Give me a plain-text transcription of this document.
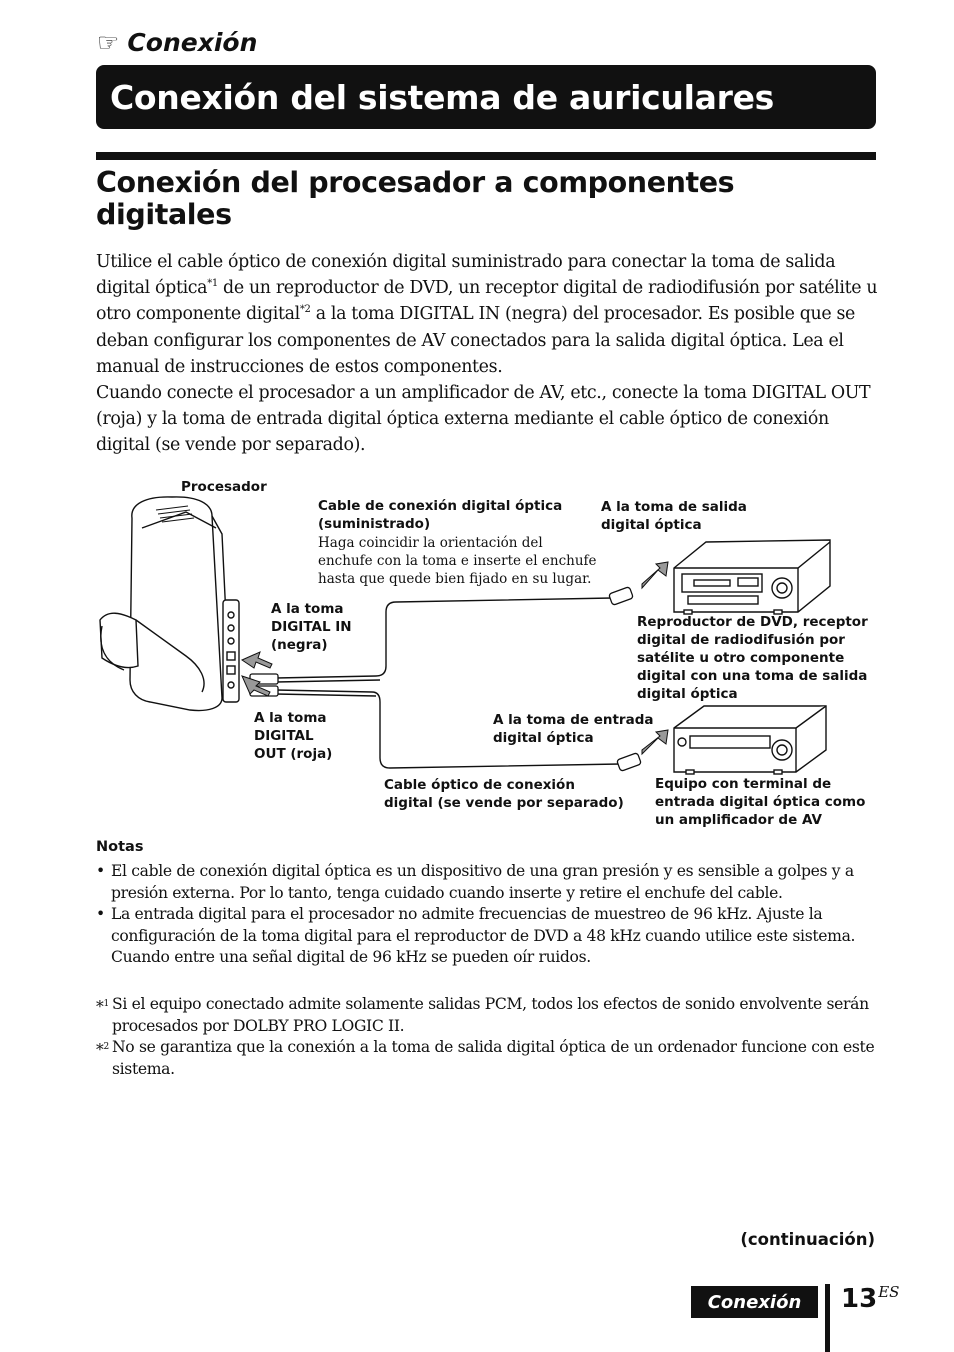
☞ Conexión
Conexión del sistema de auriculares
Conexión del procesador a componentes digitales

Utilice el cable óptico de conexión digital suministrado para conectar la toma de salida digital óptica$^{*1}$ de un reproductor de DVD, un receptor digital de radiodifusión por satélite u otro componente digital$^{*2}$ a la toma DIGITAL IN (negra) del procesador. Es posible que se deban configurar los componentes de AV conectados para la salida digital óptica. Lea el manual de instrucciones de estos componentes.

Cuando conecte el procesador a un amplificador de AV, etc., conecte la toma DIGITAL OUT (roja) y la toma de entrada digital óptica externa mediante el cable óptico de conexión digital (se vende por separado).

Procesador
Cable de conexión digital óptica
(suministrado)
Haga coincidir la orientación del
enchufe con la toma e inserte el enchufe
hasta que quede bien fijado en su lugar.
A la toma de salida
digital óptica
A la toma
DIGITAL IN
(negra)
Reproductor de DVD, receptor
digital de radiodifusión por
satélite u otro componente
digital con una toma de salida
digital óptica
A la toma
DIGITAL
OUT (roja)
A la toma de entrada
digital óptica
Cable óptico de conexión
digital (se vende por separado)
Equipo con terminal de
entrada digital óptica como
un amplificador de AV
Notas
• El cable de conexión digital óptica es un dispositivo de una gran presión y es sensible a golpes y a presión externa. Por lo tanto, tenga cuidado cuando inserte y retire el enchufe del cable.
• La entrada digital para el procesador no admite frecuencias de muestreo de 96 kHz. Ajuste la configuración de la toma digital para el reproductor de DVD a 48 kHz cuando utilice este sistema. Cuando entre una señal digital de 96 kHz se pueden oír ruidos.
*$^1$ Si el equipo conectado admite solamente salidas PCM, todos los efectos de sonido envolvente serán procesados por DOLBY PRO LOGIC II.
*$^2$ No se garantiza que la conexión a la toma de salida digital óptica de un ordenador funcione con este sistema.
(continuación)
Conexión	$13^{ES}$
